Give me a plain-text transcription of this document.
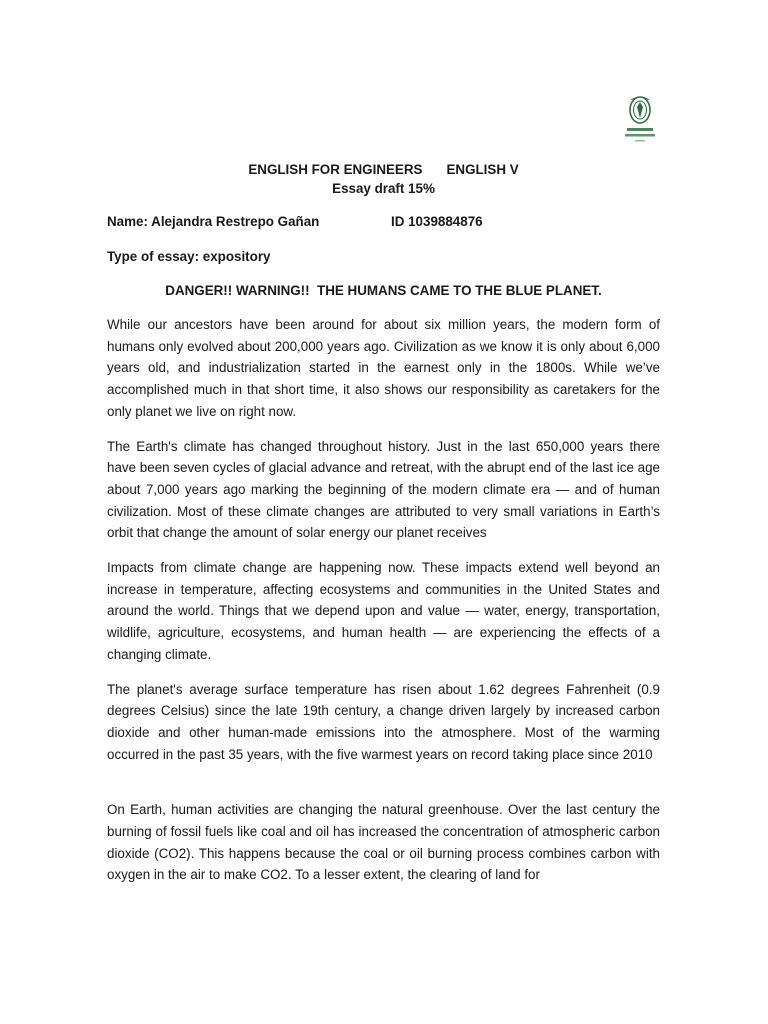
ENGLISH FOR ENGINEERS ENGLISH V
Essay draft 15%
Name: Alejandra Restrepo Gañan	ID 1039884876
Type of essay: expository
DANGER!! WARNING!!  THE HUMANS CAME TO THE BLUE PLANET.

While our ancestors have been around for about six million years, the modern form of humans only evolved about 200,000 years ago. Civilization as we know it is only about 6,000 years old, and industrialization started in the earnest only in the 1800s. While we’ve accomplished much in that short time, it also shows our responsibility as caretakers for the only planet we live on right now.

The Earth's climate has changed throughout history. Just in the last 650,000 years there have been seven cycles of glacial advance and retreat, with the abrupt end of the last ice age about 7,000 years ago marking the beginning of the modern climate era — and of human civilization. Most of these climate changes are attributed to very small variations in Earth’s orbit that change the amount of solar energy our planet receives

Impacts from climate change are happening now. These impacts extend well beyond an increase in temperature, affecting ecosystems and communities in the United States and around the world. Things that we depend upon and value — water, energy, transportation, wildlife, agriculture, ecosystems, and human health — are experiencing the effects of a changing climate.

The planet's average surface temperature has risen about 1.62 degrees Fahrenheit (0.9 degrees Celsius) since the late 19th century, a change driven largely by increased carbon dioxide and other human-made emissions into the atmosphere. Most of the warming occurred in the past 35 years, with the five warmest years on record taking place since 2010

On Earth, human activities are changing the natural greenhouse. Over the last century the burning of fossil fuels like coal and oil has increased the concentration of atmospheric carbon dioxide (CO2). This happens because the coal or oil burning process combines carbon with oxygen in the air to make CO2. To a lesser extent, the clearing of land for
